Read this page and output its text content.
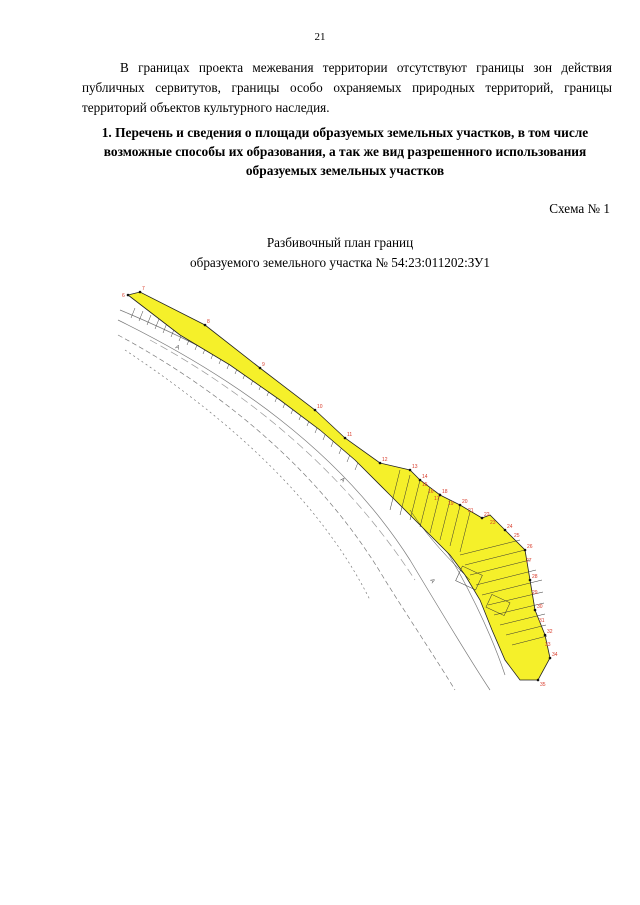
21

В границах проекта межевания территории отсутствуют границы зон действия публичных сервитутов, границы особо охраняемых природных территорий, границы территорий объектов культурного наследия.

1. Перечень и сведения о площади образуемых земельных участков, в том числе возможные способы их образования, а так же вид разрешенного использования образуемых земельных участков

Схема № 1
Разбивочный план границ
образуемого земельного участка № 54:23:011202:ЗУ1
A
A
A
6
7
8
9
10
11
12
13
14
15
16
17
18
19 20
21
22
23
24
25
26
27
28
29
30
31
32
33
34
35
